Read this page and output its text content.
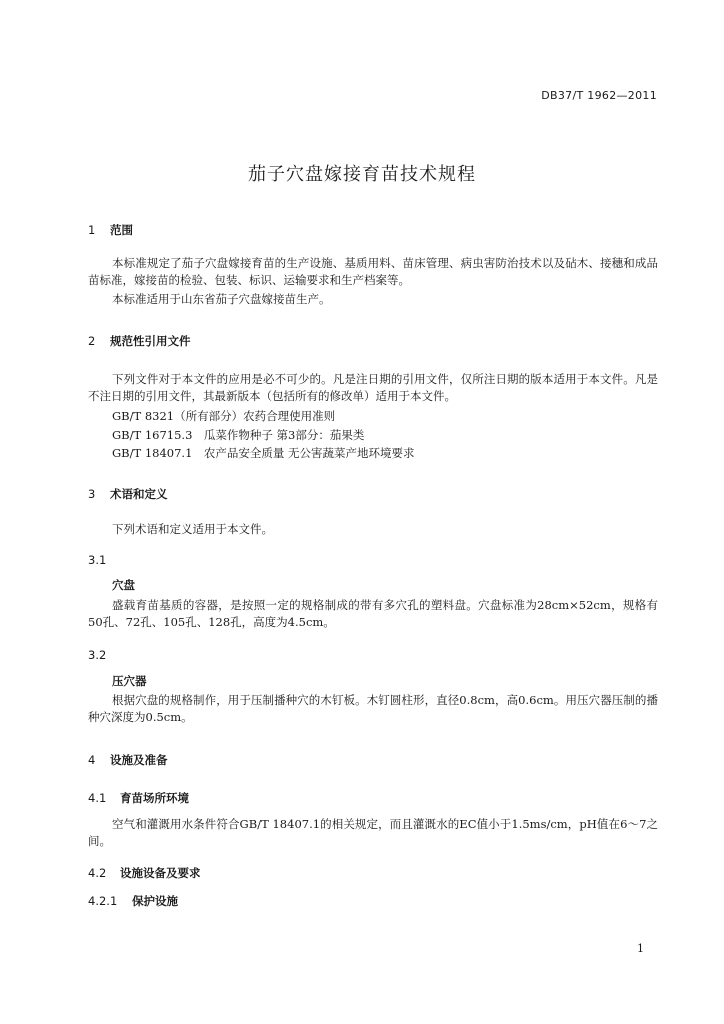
DB37/T 1962—2011
茄子穴盘嫁接育苗技术规程
1 范围
本标准规定了茄子穴盘嫁接育苗的生产设施、基质用料、苗床管理、病虫害防治技术以及砧木、接穗和成品苗标准，嫁接苗的检验、包装、标识、运输要求和生产档案等。
本标准适用于山东省茄子穴盘嫁接苗生产。
2 规范性引用文件
下列文件对于本文件的应用是必不可少的。凡是注日期的引用文件，仅所注日期的版本适用于本文件。凡是不注日期的引用文件，其最新版本（包括所有的修改单）适用于本文件。
GB/T 8321（所有部分）农药合理使用准则
GB/T 16715.3　瓜菜作物种子 第3部分：茄果类
GB/T 18407.1　农产品安全质量 无公害蔬菜产地环境要求
3 术语和定义
下列术语和定义适用于本文件。
3.1
穴盘
盛载育苗基质的容器，是按照一定的规格制成的带有多穴孔的塑料盘。穴盘标准为28cm×52cm，规格有50孔、72孔、105孔、128孔，高度为4.5cm。
3.2
压穴器
根据穴盘的规格制作，用于压制播种穴的木钉板。木钉圆柱形，直径0.8cm，高0.6cm。用压穴器压制的播种穴深度为0.5cm。
4 设施及准备
4.1 育苗场所环境
空气和灌溉用水条件符合GB/T 18407.1的相关规定，而且灌溉水的EC值小于1.5ms/cm，pH值在6～7之间。
4.2 设施设备及要求
4.2.1 保护设施
1
